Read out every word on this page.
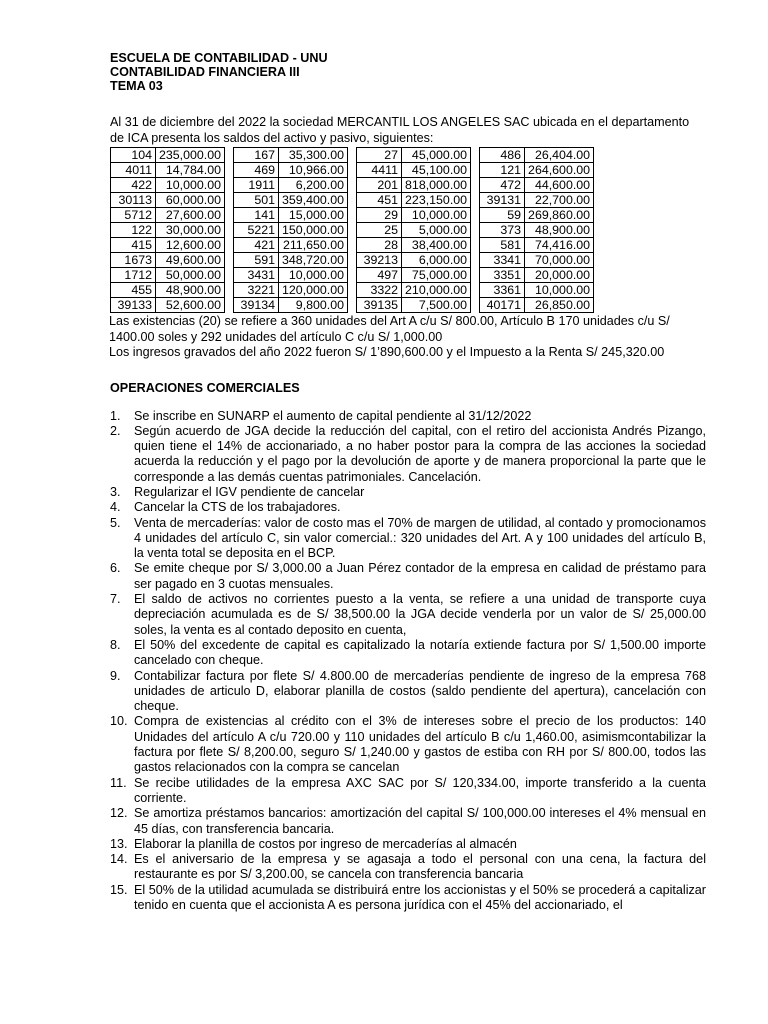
ESCUELA DE CONTABILIDAD - UNU
CONTABILIDAD FINANCIERA III
TEMA 03
Al 31 de diciembre del 2022 la sociedad MERCANTIL LOS ANGELES SAC ubicada en el departamento de ICA presenta los saldos del activo y pasivo, siguientes:
104	235,000.00		167	35,300.00		27	45,000.00		486	26,404.00
4011	14,784.00		469	10,966.00		4411	45,100.00		121	264,600.00
422	10,000.00		1911	6,200.00		201	818,000.00		472	44,600.00
30113	60,000.00		501	359,400.00		451	223,150.00		39131	22,700.00
5712	27,600.00		141	15,000.00		29	10,000.00		59	269,860.00
122	30,000.00		5221	150,000.00		25	5,000.00		373	48,900.00
415	12,600.00		421	211,650.00		28	38,400.00		581	74,416.00
1673	49,600.00		591	348,720.00		39213	6,000.00		3341	70,000.00
1712	50,000.00		3431	10,000.00		497	75,000.00		3351	20,000.00
455	48,900.00		3221	120,000.00		3322	210,000.00		3361	10,000.00
39133	52,600.00		39134	9,800.00		39135	7,500.00		40171	26,850.00
Las existencias (20) se refiere a 360 unidades del Art A c/u S/ 800.00, Artículo B 170 unidades c/u S/ 1400.00 soles y 292 unidades del artículo C c/u S/ 1,000.00
Los ingresos gravados del año 2022 fueron S/ 1’890,600.00 y el Impuesto a la Renta S/ 245,320.00
OPERACIONES COMERCIALES
1. Se inscribe en SUNARP el aumento de capital pendiente al 31/12/2022
2. Según acuerdo de JGA decide la reducción del capital, con el retiro del accionista Andrés Pizango, quien tiene el 14% de accionariado, a no haber postor para la compra de las acciones la sociedad acuerda la reducción y el pago por la devolución de aporte y de manera proporcional la parte que le corresponde a las demás cuentas patrimoniales. Cancelación.
3. Regularizar el IGV pendiente de cancelar
4. Cancelar la CTS de los trabajadores.
5. Venta de mercaderías: valor de costo mas el 70% de margen de utilidad, al contado y promocionamos 4 unidades del artículo C, sin valor comercial.: 320 unidades del Art. A y 100 unidades del artículo B, la venta total se deposita en el BCP.
6. Se emite cheque por S/ 3,000.00 a Juan Pérez contador de la empresa en calidad de préstamo para ser pagado en 3 cuotas mensuales.
7. El saldo de activos no corrientes puesto a la venta, se refiere a una unidad de transporte cuya depreciación acumulada es de S/ 38,500.00 la JGA decide venderla por un valor de S/ 25,000.00 soles, la venta es al contado deposito en cuenta,
8. El 50% del excedente de capital es capitalizado la notaría extiende factura por S/ 1,500.00 importe cancelado con cheque.
9. Contabilizar factura por flete S/ 4.800.00 de mercaderías pendiente de ingreso de la empresa 768 unidades de articulo D, elaborar planilla de costos (saldo pendiente del apertura), cancelación con cheque.
10. Compra de existencias al crédito con el 3% de intereses sobre el precio de los productos: 140 Unidades del artículo A c/u 720.00 y 110 unidades del artículo B c/u 1,460.00, asimismcontabilizar la factura por flete S/ 8,200.00, seguro S/ 1,240.00 y gastos de estiba con RH por S/ 800.00, todos las gastos relacionados con la compra se cancelan
11. Se recibe utilidades de la empresa AXC SAC por S/ 120,334.00, importe transferido a la cuenta corriente.
12. Se amortiza préstamos bancarios: amortización del capital S/ 100,000.00 intereses el 4% mensual en 45 días, con transferencia bancaria.
13. Elaborar la planilla de costos por ingreso de mercaderías al almacén
14. Es el aniversario de la empresa y se agasaja a todo el personal con una cena, la factura del restaurante es por S/ 3,200.00, se cancela con transferencia bancaria
15. El 50% de la utilidad acumulada se distribuirá entre los accionistas y el 50% se procederá a capitalizar tenido en cuenta que el accionista A es persona jurídica con el 45% del accionariado, el
